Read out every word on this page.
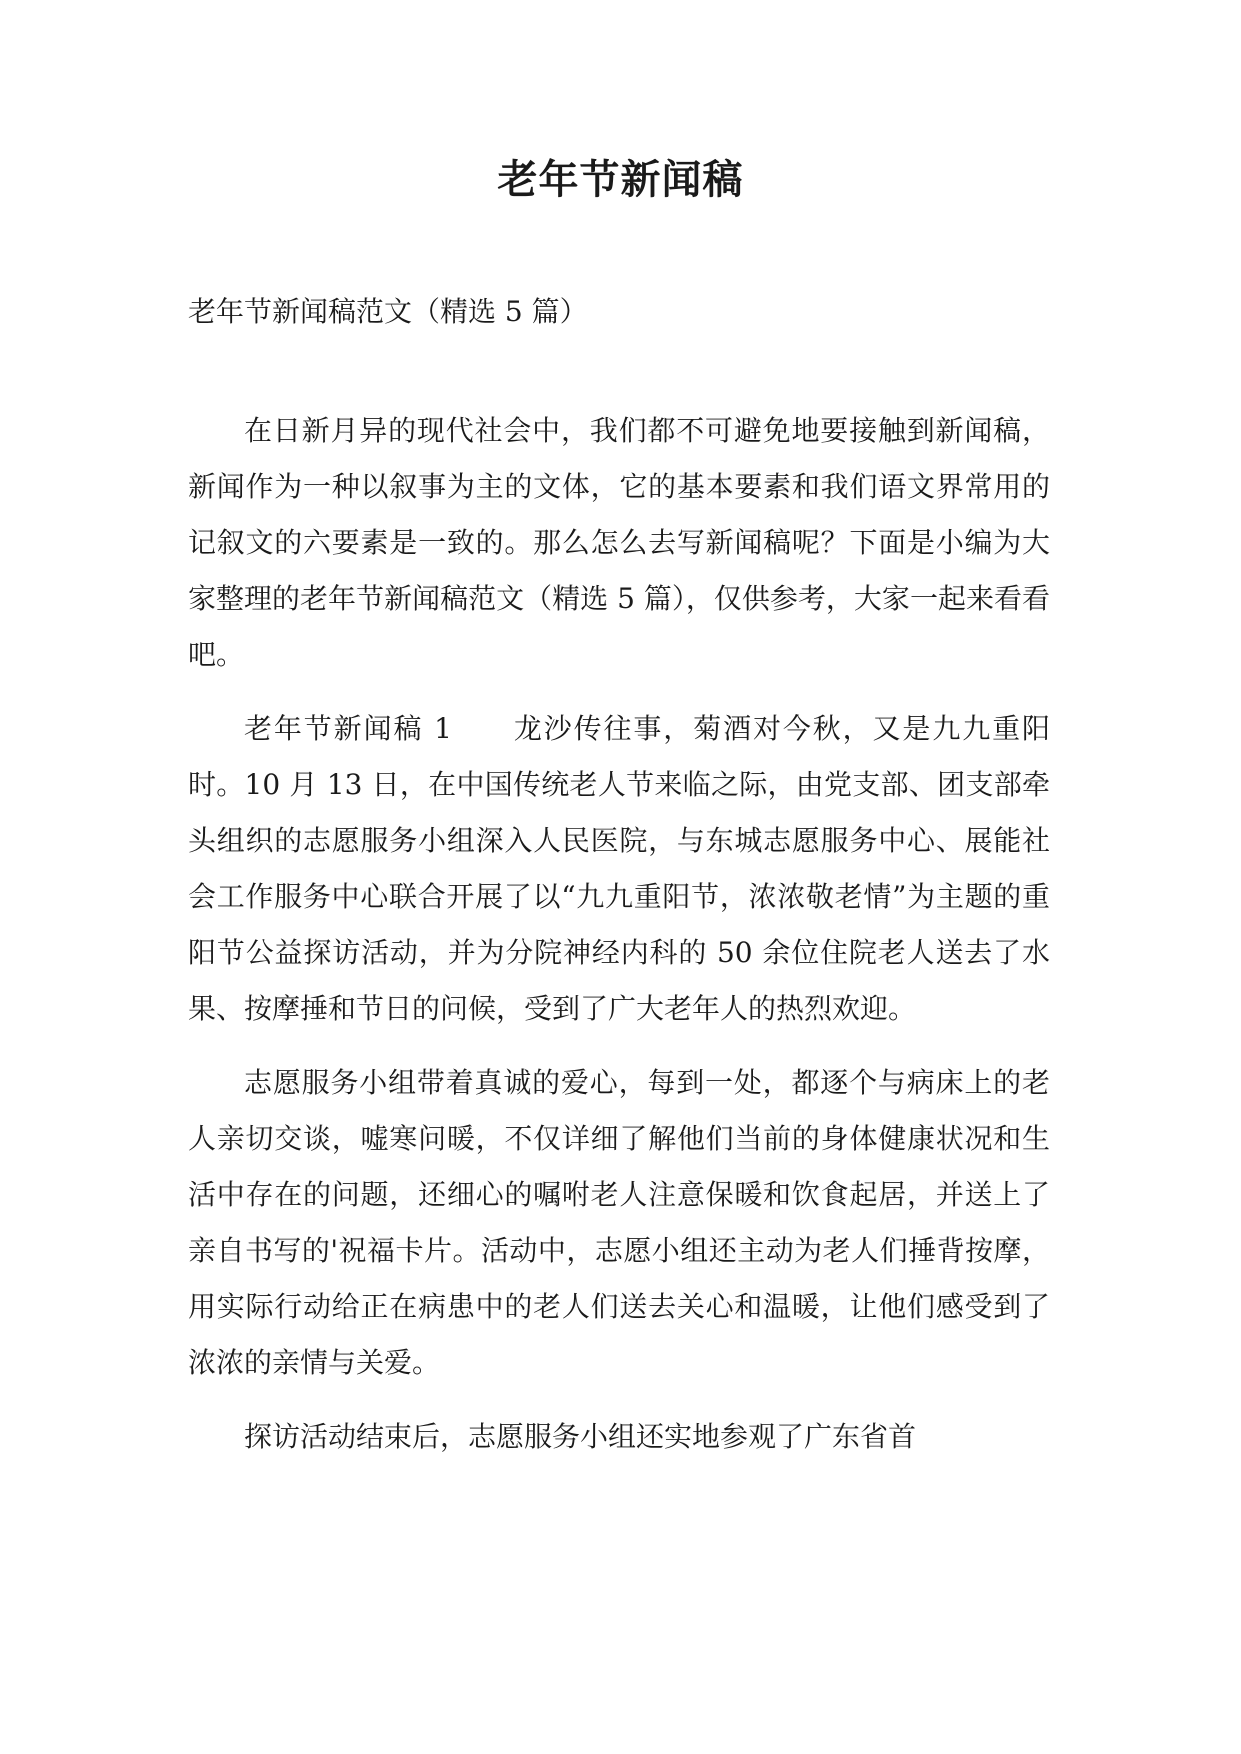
老年节新闻稿

老年节新闻稿范文（精选 5 篇）

在日新月异的现代社会中，我们都不可避免地要接触到新闻稿，新闻作为一种以叙事为主的文体，它的基本要素和我们语文界常用的记叙文的六要素是一致的。那么怎么去写新闻稿呢？下面是小编为大家整理的老年节新闻稿范文（精选 5 篇），仅供参考，大家一起来看看吧。

老年节新闻稿 1 龙沙传往事，菊酒对今秋，又是九九重阳时。10 月 13 日，在中国传统老人节来临之际，由党支部、团支部牵头组织的志愿服务小组深入人民医院，与东城志愿服务中心、展能社会工作服务中心联合开展了以“九九重阳节，浓浓敬老情”为主题的重阳节公益探访活动，并为分院神经内科的 50 余位住院老人送去了水果、按摩捶和节日的问候，受到了广大老年人的热烈欢迎。

志愿服务小组带着真诚的爱心，每到一处，都逐个与病床上的老人亲切交谈，嘘寒问暖，不仅详细了解他们当前的身体健康状况和生活中存在的问题，还细心的嘱咐老人注意保暖和饮食起居，并送上了亲自书写的'祝福卡片。活动中，志愿小组还主动为老人们捶背按摩，用实际行动给正在病患中的老人们送去关心和温暖，让他们感受到了浓浓的亲情与关爱。

探访活动结束后，志愿服务小组还实地参观了广东省首
